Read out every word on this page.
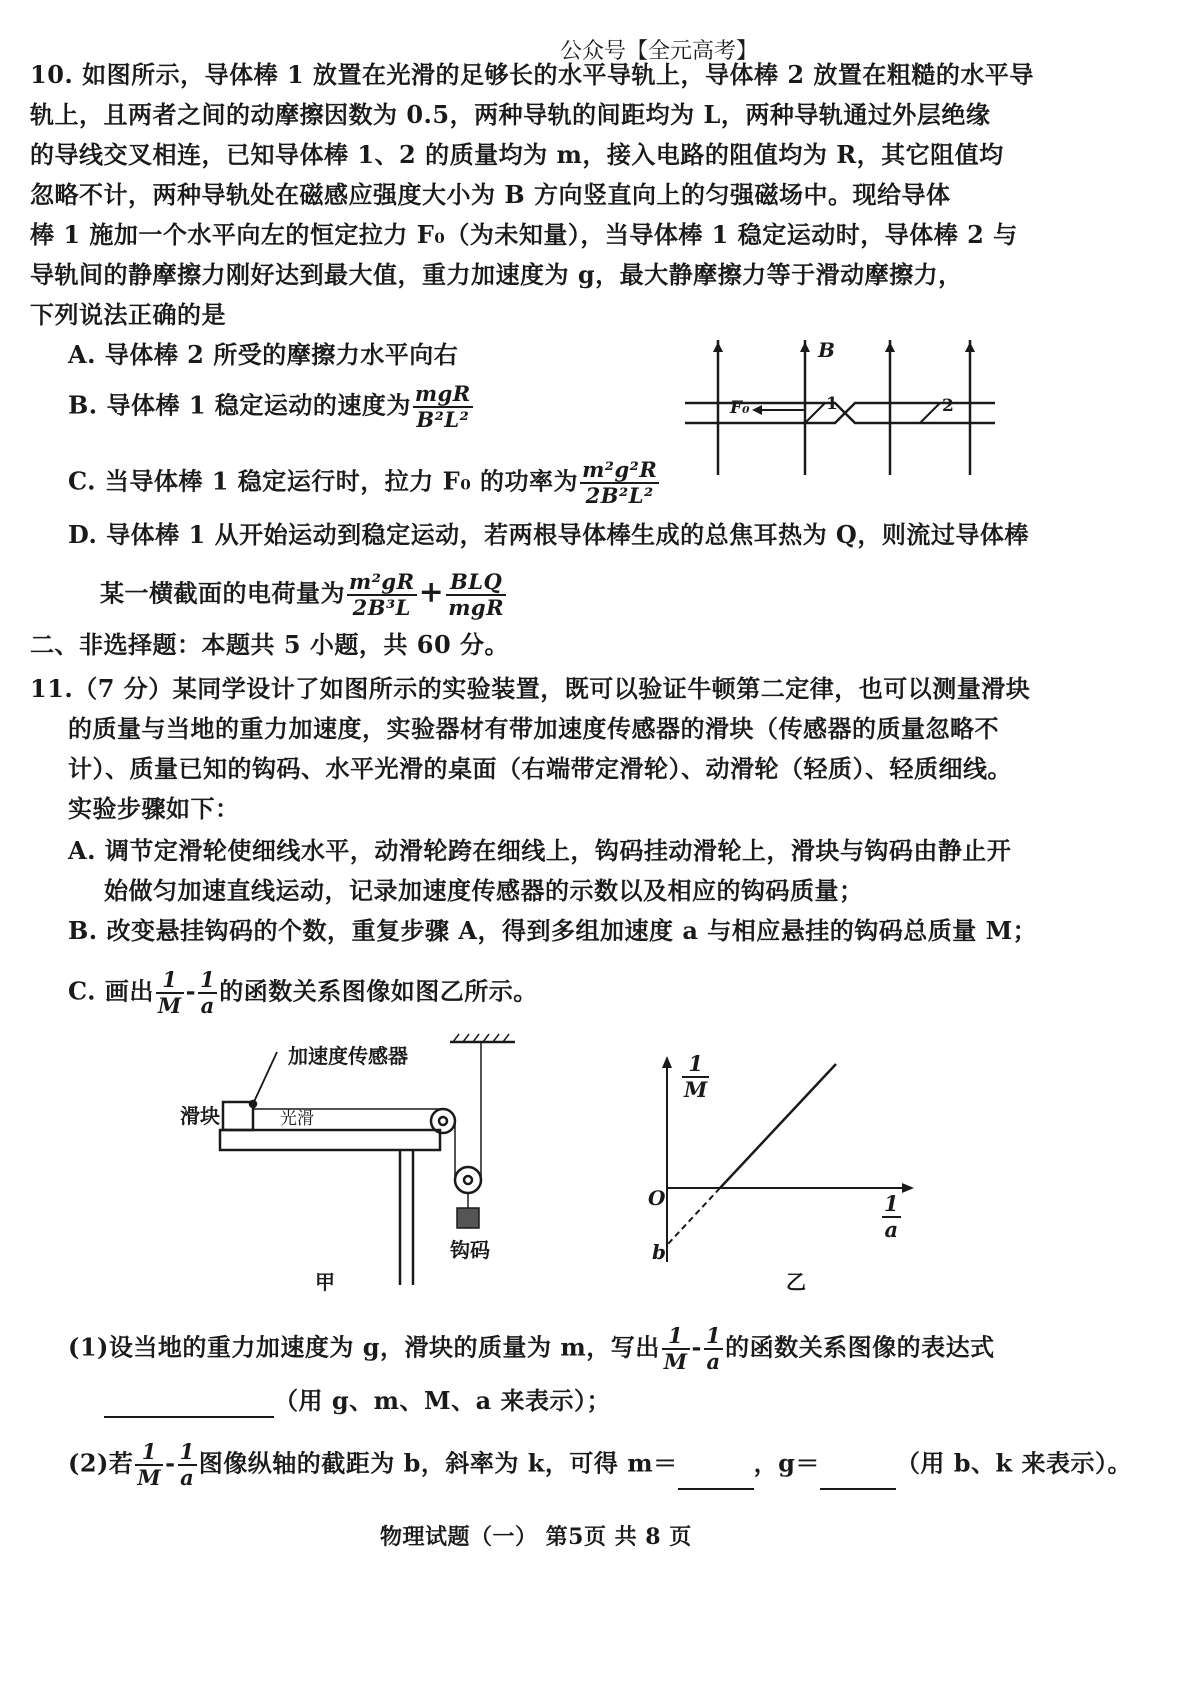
公众号【全元高考】
10. 如图所示，导体棒 1 放置在光滑的足够长的水平导轨上，导体棒 2 放置在粗糙的水平导
轨上，且两者之间的动摩擦因数为 0.5，两种导轨的间距均为 L，两种导轨通过外层绝缘
的导线交叉相连，已知导体棒 1、2 的质量均为 m，接入电路的阻值均为 R，其它阻值均
忽略不计，两种导轨处在磁感应强度大小为 B 方向竖直向上的匀强磁场中。现给导体
棒 1 施加一个水平向左的恒定拉力 F₀（为未知量），当导体棒 1 稳定运动时，导体棒 2 与
导轨间的静摩擦力刚好达到最大值，重力加速度为 g，最大静摩擦力等于滑动摩擦力，
下列说法正确的是
A. 导体棒 2 所受的摩擦力水平向右
B. 导体棒 1 稳定运动的速度为 $\frac{\text{mgR}}{\text{B²L²}}$
C. 当导体棒 1 稳定运行时，拉力 F₀ 的功率为 $\frac{\text{m²g²R}}{\text{2B²L²}}$
D. 导体棒 1 从开始运动到稳定运动，若两根导体棒生成的总焦耳热为 Q，则流过导体棒
某一横截面的电荷量为 $\frac{\text{m²gR}}{\text{2B³L}} + \frac{\text{BLQ}}{\text{mgR}}$
B
F₀	1	2
二、非选择题：本题共 5 小题，共 60 分。
11.（7 分）某同学设计了如图所示的实验装置，既可以验证牛顿第二定律，也可以测量滑块
的质量与当地的重力加速度，实验器材有带加速度传感器的滑块（传感器的质量忽略不
计）、质量已知的钩码、水平光滑的桌面（右端带定滑轮）、动滑轮（轻质）、轻质细线。
实验步骤如下：
A. 调节定滑轮使细线水平，动滑轮跨在细线上，钩码挂动滑轮上，滑块与钩码由静止开
始做匀加速直线运动，记录加速度传感器的示数以及相应的钩码质量；
B. 改变悬挂钩码的个数，重复步骤 A，得到多组加速度 a 与相应悬挂的钩码总质量 M；
C. 画出 $\frac{1}{M} - \frac{1}{a}$ 的函数关系图像如图乙所示。
加速度传感器
滑块	光滑
钩码
甲
$\frac{1}{M}$
$\frac{1}{a}$
O
b
乙
(1)设当地的重力加速度为 g，滑块的质量为 m，写出 $\frac{1}{M} - \frac{1}{a}$ 的函数关系图像的表达式
（用 g、m、M、a 来表示）；
(2)若 $\frac{1}{M} - \frac{1}{a}$ 图像纵轴的截距为 b，斜率为 k，可得 m＝	，g＝	（用 b、k 来表示）。
物理试题（一） 第5页 共 8 页
